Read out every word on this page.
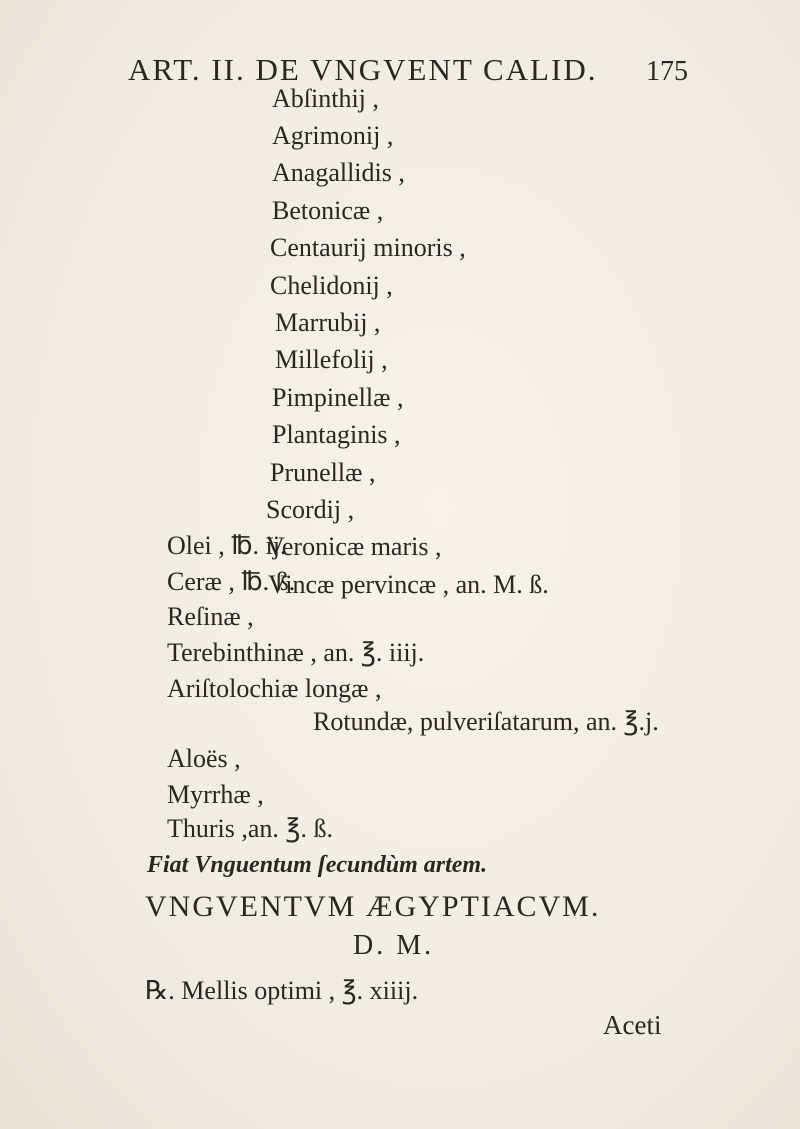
ART. II. DE VNGVENT CALID. 175
Abſinthij ,
Agrimonij ,
Anagallidis ,
Betonicæ ,
Centaurij minoris ,
Chelidonij ,
Marrubij ,
Millefolij ,
Pimpinellæ ,
Plantaginis ,
Prunellæ ,
Scordij ,
Veronicæ maris ,
Vincæ pervincæ , an. M. ß.
Olei , ℔. ij.
Ceræ , ℔. ß.
Reſinæ ,
Terebinthinæ , an. ℥. iiij.
Ariſtolochiæ longæ ,
Rotundæ, pulveriſatarum, an. ℥.j.
Aloës ,
Myrrhæ ,
Thuris ,an. ℥. ß.
Fiat Vnguentum ſecundùm artem.
VNGVENTVM ÆGYPTIACVM.
D. M.
℞. Mellis optimi , ℥. xiiij.
Aceti
